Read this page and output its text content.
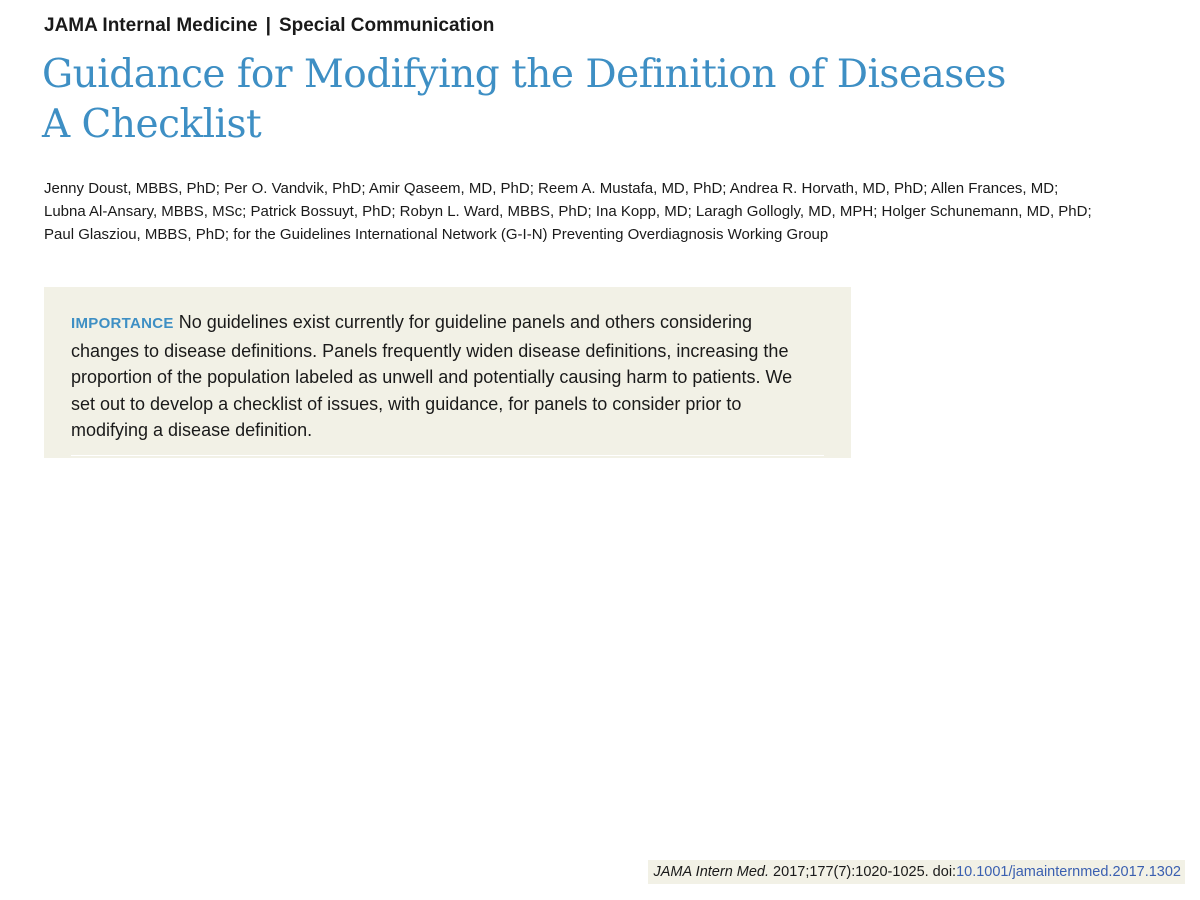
JAMA Internal Medicine | Special Communication
Guidance for Modifying the Definition of Diseases
A Checklist

Jenny Doust, MBBS, PhD; Per O. Vandvik, PhD; Amir Qaseem, MD, PhD; Reem A. Mustafa, MD, PhD; Andrea R. Horvath, MD, PhD; Allen Frances, MD;
Lubna Al-Ansary, MBBS, MSc; Patrick Bossuyt, PhD; Robyn L. Ward, MBBS, PhD; Ina Kopp, MD; Laragh Gollogly, MD, MPH; Holger Schunemann, MD, PhD;
Paul Glasziou, MBBS, PhD; for the Guidelines International Network (G-I-N) Preventing Overdiagnosis Working Group

IMPORTANCE No guidelines exist currently for guideline panels and others considering
changes to disease definitions. Panels frequently widen disease definitions, increasing the
proportion of the population labeled as unwell and potentially causing harm to patients. We
set out to develop a checklist of issues, with guidance, for panels to consider prior to
modifying a disease definition.

JAMA Intern Med. 2017;177(7):1020-1025. doi:10.1001/jamainternmed.2017.1302
